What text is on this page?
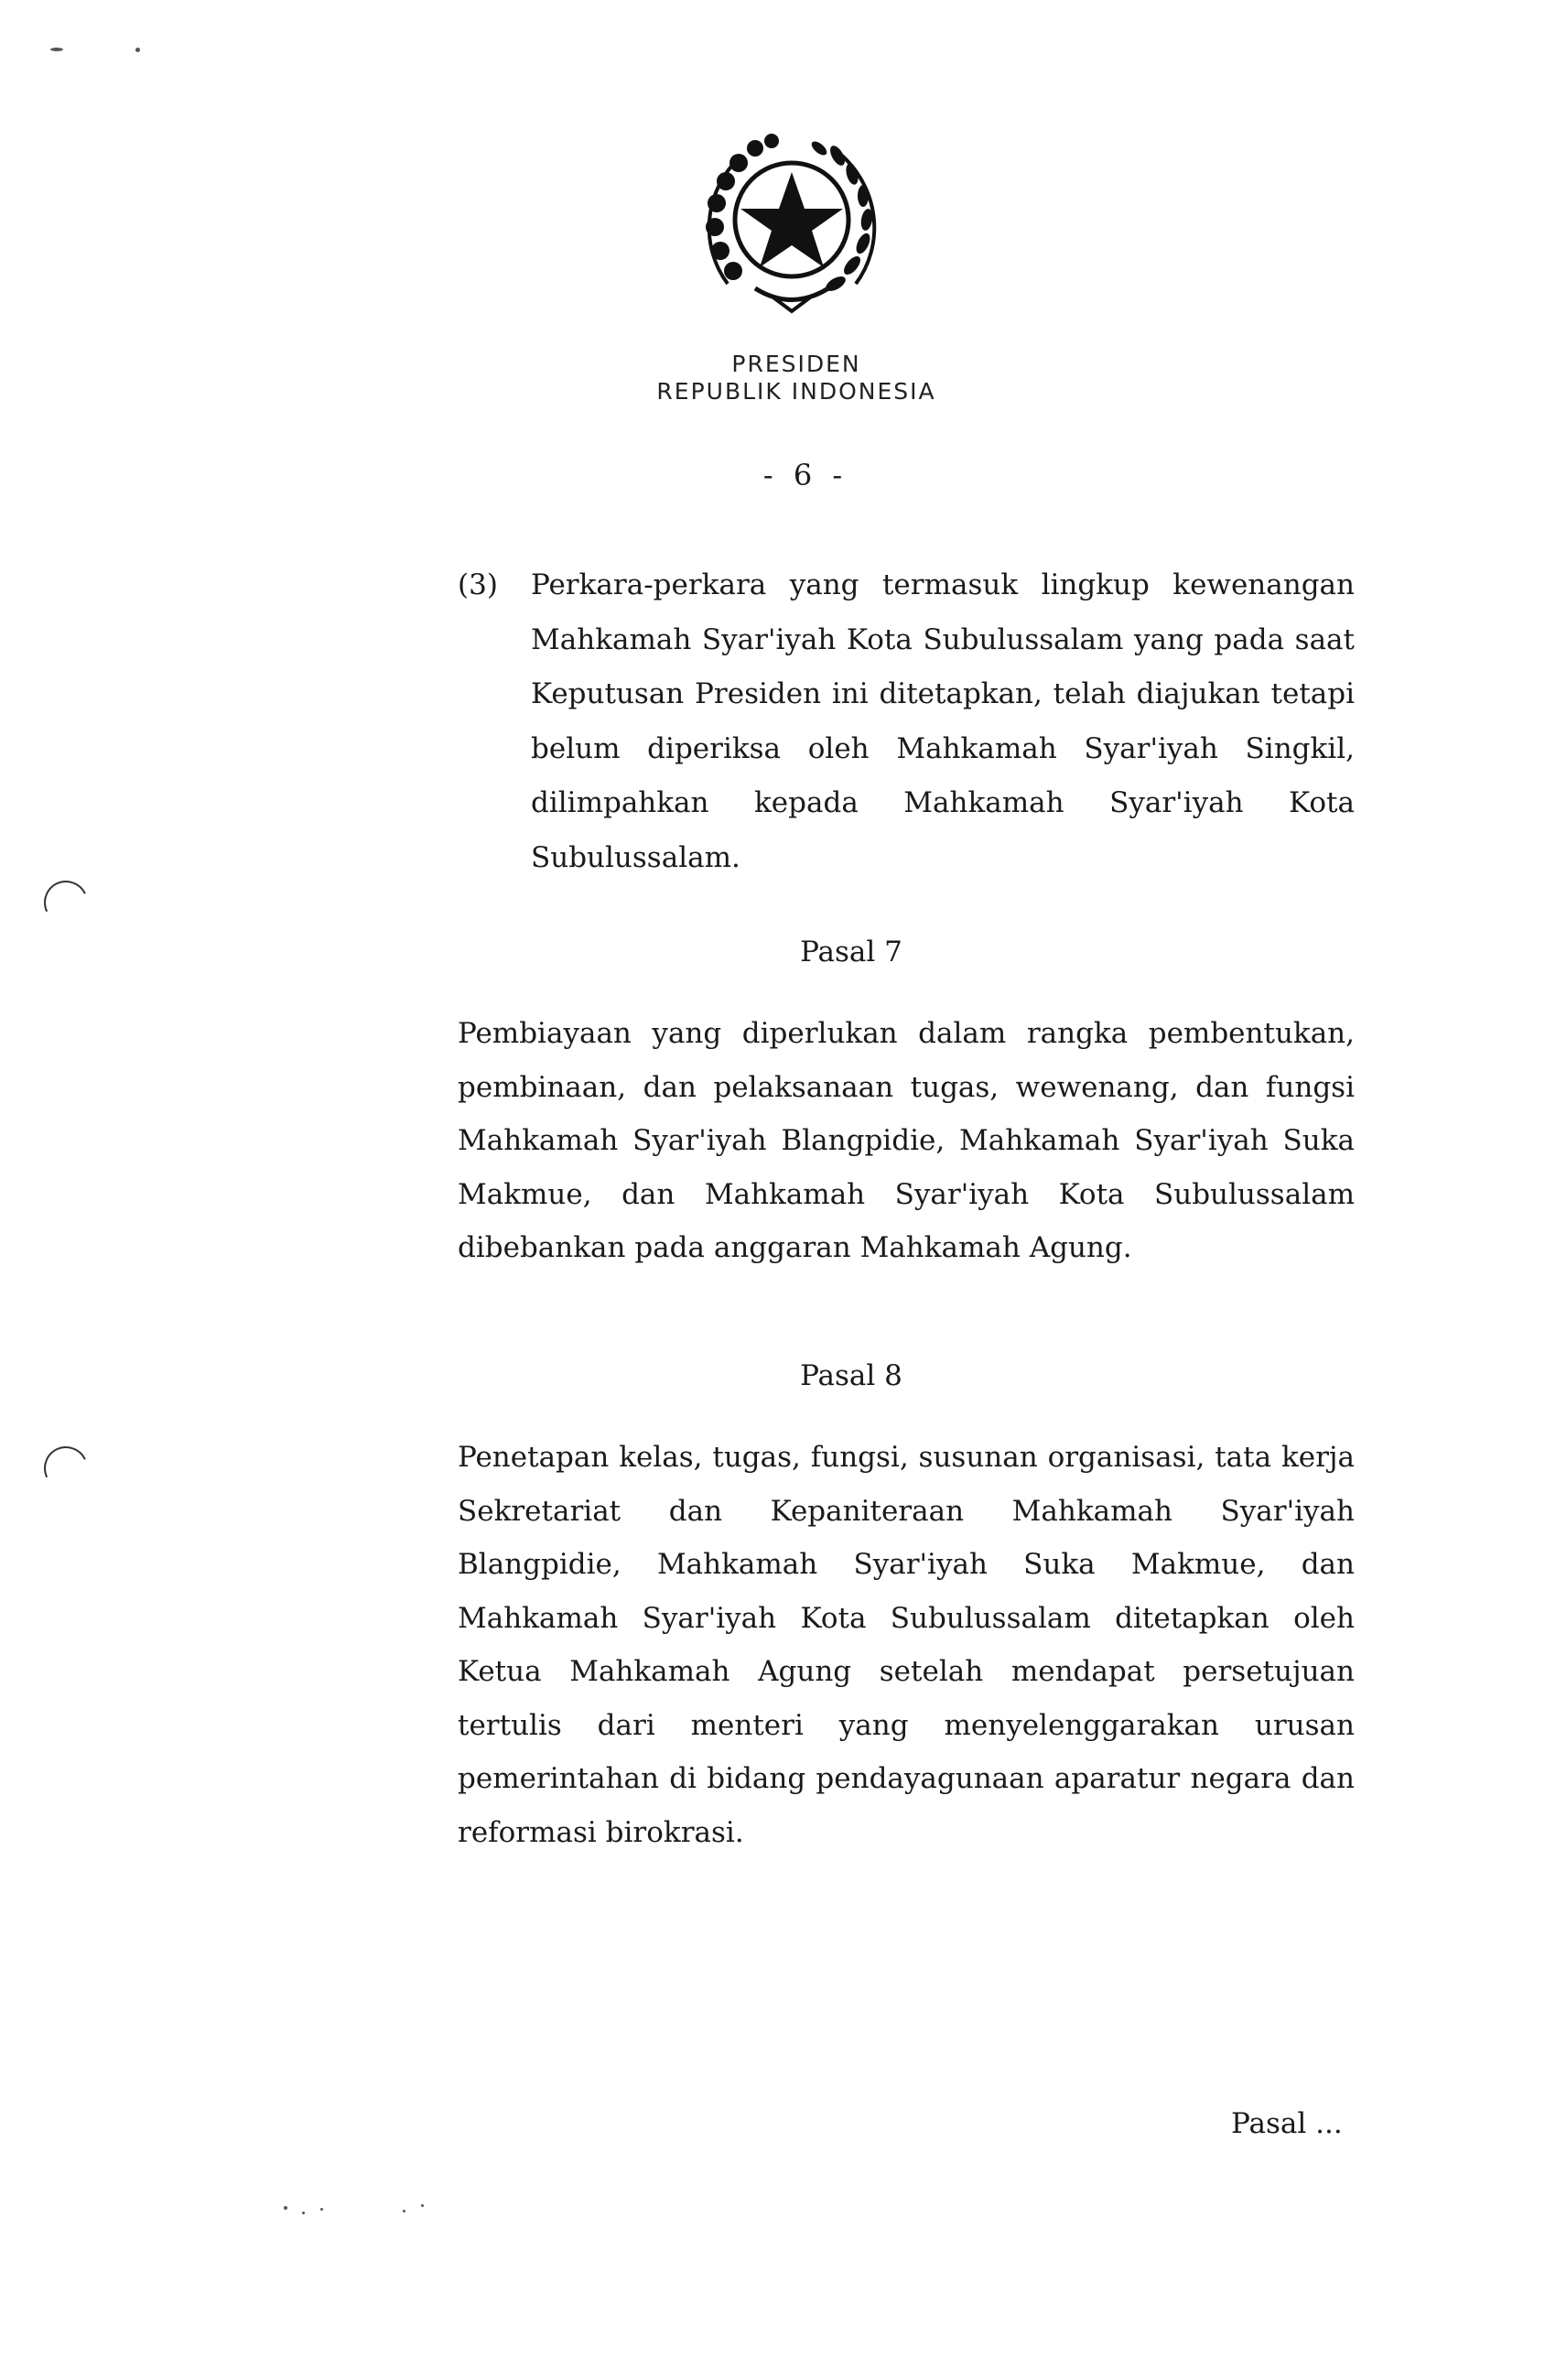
PRESIDEN
REPUBLIK INDONESIA
- 6 -
(3) Perkara-perkara yang termasuk lingkup kewenangan Mahkamah Syar'iyah Kota Subulussalam yang pada saat Keputusan Presiden ini ditetapkan, telah diajukan tetapi belum diperiksa oleh Mahkamah Syar'iyah Singkil, dilimpahkan kepada Mahkamah Syar'iyah Kota Subulussalam.
Pasal 7
Pembiayaan yang diperlukan dalam rangka pembentukan, pembinaan, dan pelaksanaan tugas, wewenang, dan fungsi Mahkamah Syar'iyah Blangpidie, Mahkamah Syar'iyah Suka Makmue, dan Mahkamah Syar'iyah Kota Subulussalam dibebankan pada anggaran Mahkamah Agung.
Pasal 8
Penetapan kelas, tugas, fungsi, susunan organisasi, tata kerja Sekretariat dan Kepaniteraan Mahkamah Syar'iyah Blangpidie, Mahkamah Syar'iyah Suka Makmue, dan Mahkamah Syar'iyah Kota Subulussalam ditetapkan oleh Ketua Mahkamah Agung setelah mendapat persetujuan tertulis dari menteri yang menyelenggarakan urusan pemerintahan di bidang pendayagunaan aparatur negara dan reformasi birokrasi.
Pasal ...
